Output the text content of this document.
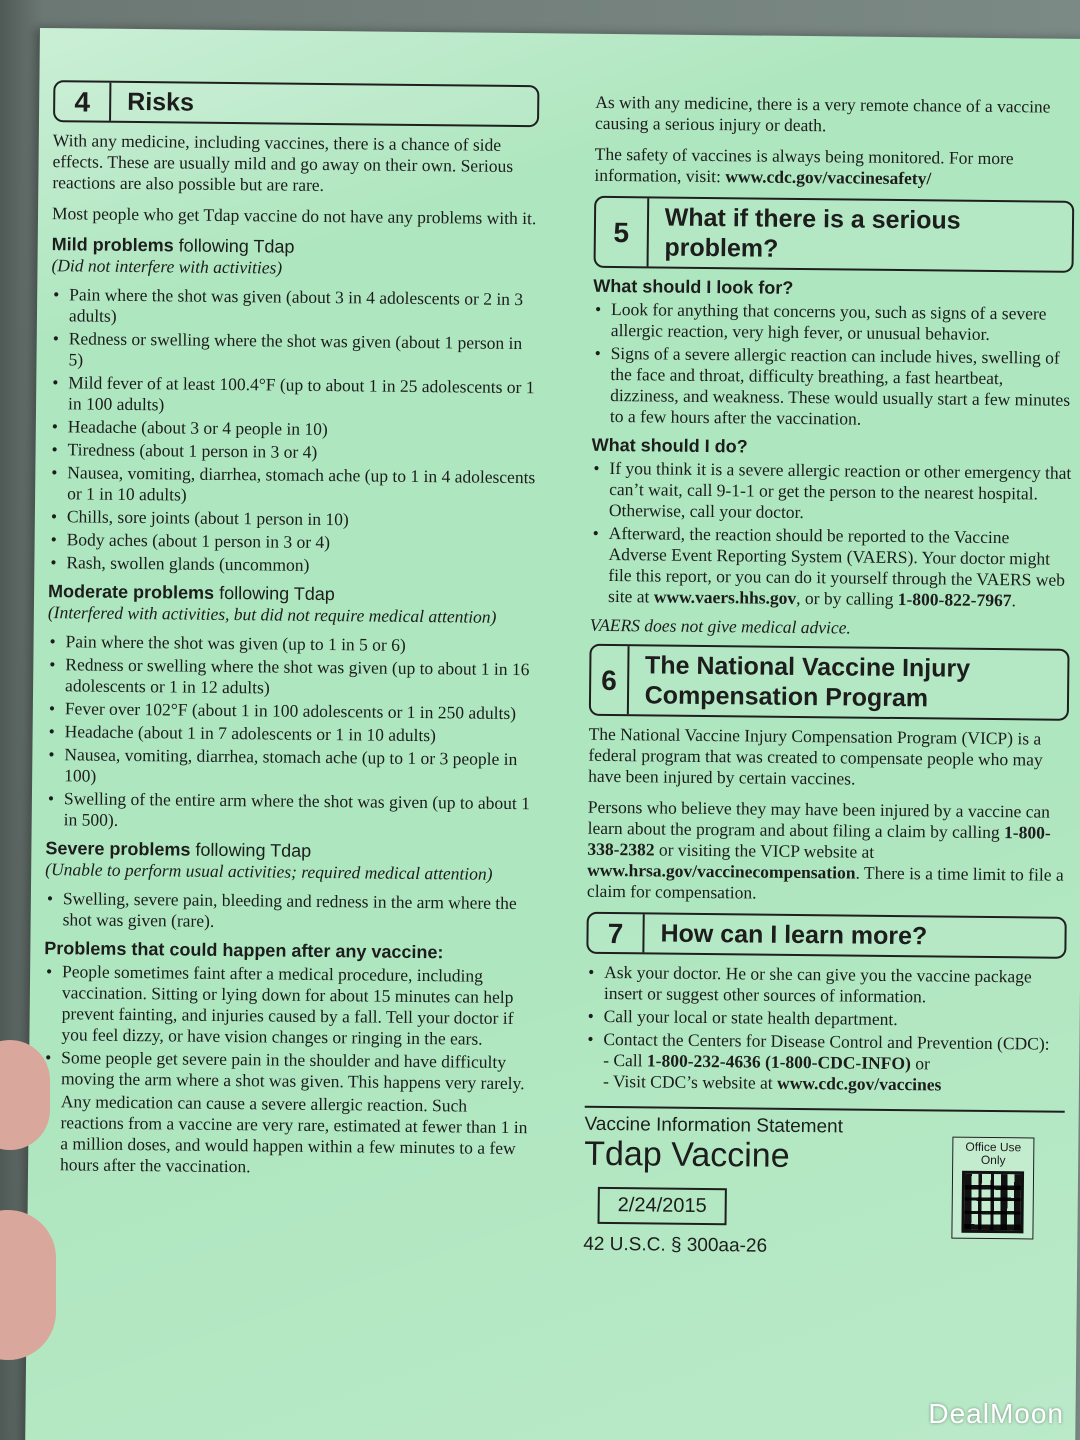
4	Risks

With any medicine, including vaccines, there is a chance of side effects. These are usually mild and go away on their own. Serious reactions are also possible but are rare.

Most people who get Tdap vaccine do not have any problems with it.

Mild problems following Tdap
(Did not interfere with activities)
• Pain where the shot was given (about 3 in 4 adolescents or 2 in 3 adults)
• Redness or swelling where the shot was given (about 1 person in 5)
• Mild fever of at least 100.4°F (up to about 1 in 25 adolescents or 1 in 100 adults)
• Headache (about 3 or 4 people in 10)
• Tiredness (about 1 person in 3 or 4)
• Nausea, vomiting, diarrhea, stomach ache (up to 1 in 4 adolescents or 1 in 10 adults)
• Chills, sore joints (about 1 person in 10)
• Body aches (about 1 person in 3 or 4)
• Rash, swollen glands (uncommon)
Moderate problems following Tdap
(Interfered with activities, but did not require medical attention)
• Pain where the shot was given (up to 1 in 5 or 6)
• Redness or swelling where the shot was given (up to about 1 in 16 adolescents or 1 in 12 adults)
• Fever over 102°F (about 1 in 100 adolescents or 1 in 250 adults)
• Headache (about 1 in 7 adolescents or 1 in 10 adults)
• Nausea, vomiting, diarrhea, stomach ache (up to 1 or 3 people in 100)
• Swelling of the entire arm where the shot was given (up to about 1 in 500).
Severe problems following Tdap
(Unable to perform usual activities; required medical attention)
• Swelling, severe pain, bleeding and redness in the arm where the shot was given (rare).
Problems that could happen after any vaccine:
• People sometimes faint after a medical procedure, including vaccination. Sitting or lying down for about 15 minutes can help prevent fainting, and injuries caused by a fall. Tell your doctor if you feel dizzy, or have vision changes or ringing in the ears.
• Some people get severe pain in the shoulder and have difficulty moving the arm where a shot was given. This happens very rarely.
• Any medication can cause a severe allergic reaction. Such reactions from a vaccine are very rare, estimated at fewer than 1 in a million doses, and would happen within a few minutes to a few hours after the vaccination.

As with any medicine, there is a very remote chance of a vaccine causing a serious injury or death.

The safety of vaccines is always being monitored. For more information, visit: www.cdc.gov/vaccinesafety/

5	What if there is a serious problem?
What should I look for?
• Look for anything that concerns you, such as signs of a severe allergic reaction, very high fever, or unusual behavior.
• Signs of a severe allergic reaction can include hives, swelling of the face and throat, difficulty breathing, a fast heartbeat, dizziness, and weakness. These would usually start a few minutes to a few hours after the vaccination.
What should I do?
• If you think it is a severe allergic reaction or other emergency that can’t wait, call 9-1-1 or get the person to the nearest hospital. Otherwise, call your doctor.
• Afterward, the reaction should be reported to the Vaccine Adverse Event Reporting System (VAERS). Your doctor might file this report, or you can do it yourself through the VAERS web site at www.vaers.hhs.gov, or by calling 1-800-822-7967.
VAERS does not give medical advice.
6	The National Vaccine Injury Compensation Program

The National Vaccine Injury Compensation Program (VICP) is a federal program that was created to compensate people who may have been injured by certain vaccines.

Persons who believe they may have been injured by a vaccine can learn about the program and about filing a claim by calling 1-800-338-2382 or visiting the VICP website at www.hrsa.gov/vaccinecompensation. There is a time limit to file a claim for compensation.

7	How can I learn more?
• Ask your doctor. He or she can give you the vaccine package insert or suggest other sources of information.
• Call your local or state health department.
• Contact the Centers for Disease Control and Prevention (CDC):
- Call 1-800-232-4636 (1-800-CDC-INFO) or
- Visit CDC’s website at www.cdc.gov/vaccines
Vaccine Information Statement
Tdap Vaccine
2/24/2015
42 U.S.C. § 300aa-26
Office Use Only
DealMoon
